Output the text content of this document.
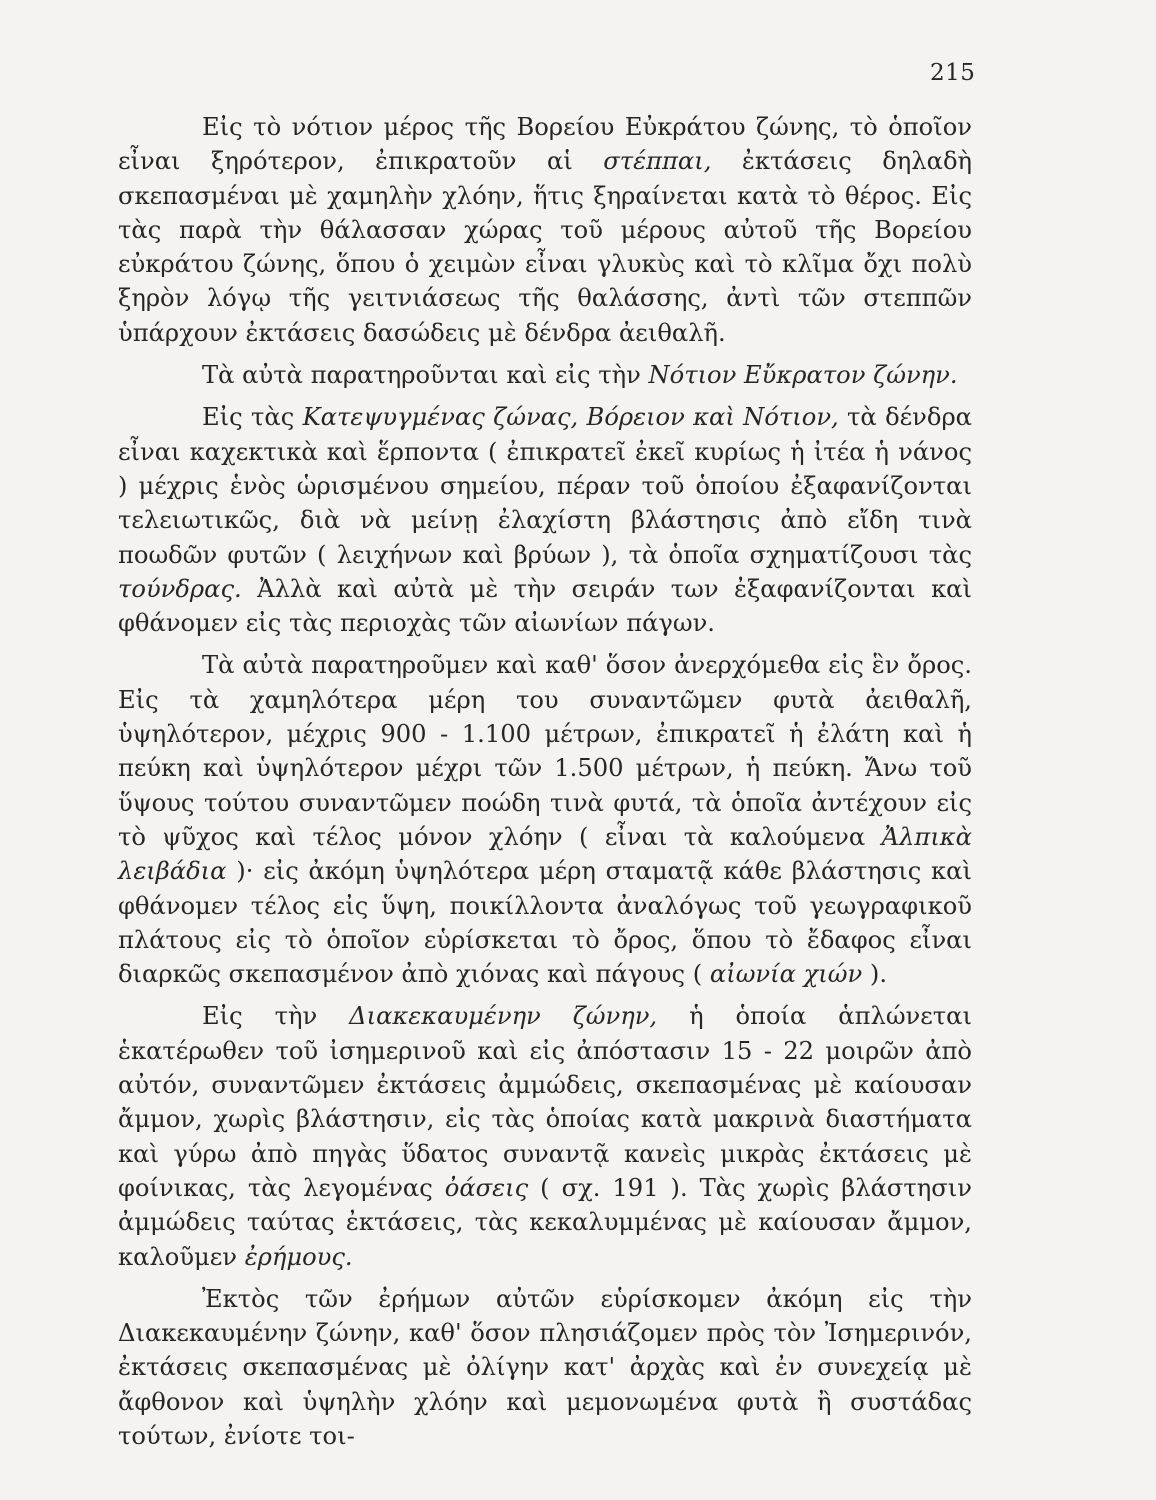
215

Εἰς τὸ νότιον μέρος τῆς Βορείου Εὐκράτου ζώνης, τὸ ὁποῖον εἶναι ξηρότερον, ἐπικρατοῦν αἱ στέππαι, ἐκτάσεις δηλαδὴ σκεπασμέναι μὲ χαμηλὴν χλόην, ἥτις ξηραίνεται κατὰ τὸ θέρος. Εἰς τὰς παρὰ τὴν θάλασσαν χώρας τοῦ μέρους αὐτοῦ τῆς Βορείου εὐκράτου ζώνης, ὅπου ὁ χειμὼν εἶναι γλυκὺς καὶ τὸ κλῖμα ὄχι πολὺ ξηρὸν λόγῳ τῆς γειτνιάσεως τῆς θαλάσσης, ἀντὶ τῶν στεππῶν ὑπάρχουν ἐκτάσεις δασώδεις μὲ δένδρα ἀειθαλῆ.

Τὰ αὐτὰ παρατηροῦνται καὶ εἰς τὴν Νότιον Εὔκρατον ζώνην.

Εἰς τὰς Κατεψυγμένας ζώνας, Βόρειον καὶ Νότιον, τὰ δένδρα εἶναι καχεκτικὰ καὶ ἕρποντα ( ἐπικρατεῖ ἐκεῖ κυρίως ἡ ἰτέα ἡ νάνος ) μέχρις ἑνὸς ὡρισμένου σημείου, πέραν τοῦ ὁποίου ἐξαφανίζονται τελειωτικῶς, διὰ νὰ μείνῃ ἐλαχίστη βλάστησις ἀπὸ εἴδη τινὰ ποωδῶν φυτῶν ( λειχήνων καὶ βρύων ), τὰ ὁποῖα σχηματίζουσι τὰς τούνδρας. Ἀλλὰ καὶ αὐτὰ μὲ τὴν σειράν των ἐξαφανίζονται καὶ φθάνομεν εἰς τὰς περιοχὰς τῶν αἰωνίων πάγων.

Τὰ αὐτὰ παρατηροῦμεν καὶ καθ' ὅσον ἀνερχόμεθα εἰς ἓν ὄρος. Εἰς τὰ χαμηλότερα μέρη του συναντῶμεν φυτὰ ἀειθαλῆ, ὑψηλότερον, μέχρις 900 - 1.100 μέτρων, ἐπικρατεῖ ἡ ἐλάτη καὶ ἡ πεύκη καὶ ὑψηλότερον μέχρι τῶν 1.500 μέτρων, ἡ πεύκη. Ἄνω τοῦ ὕψους τούτου συναντῶμεν ποώδη τινὰ φυτά, τὰ ὁποῖα ἀντέχουν εἰς τὸ ψῦχος καὶ τέλος μόνον χλόην ( εἶναι τὰ καλούμενα Ἀλπικὰ λειβάδια )· εἰς ἀκόμη ὑψηλότερα μέρη σταματᾷ κάθε βλάστησις καὶ φθάνομεν τέλος εἰς ὕψη, ποικίλλοντα ἀναλόγως τοῦ γεωγραφικοῦ πλάτους εἰς τὸ ὁποῖον εὑρίσκεται τὸ ὄρος, ὅπου τὸ ἔδαφος εἶναι διαρκῶς σκεπασμένον ἀπὸ χιόνας καὶ πάγους ( αἰωνία χιών ).

Εἰς τὴν Διακεκαυμένην ζώνην, ἡ ὁποία ἁπλώνεται ἑκατέρωθεν τοῦ ἰσημερινοῦ καὶ εἰς ἀπόστασιν 15 - 22 μοιρῶν ἀπὸ αὐτόν, συναντῶμεν ἐκτάσεις ἀμμώδεις, σκεπασμένας μὲ καίουσαν ἄμμον, χωρὶς βλάστησιν, εἰς τὰς ὁποίας κατὰ μακρινὰ διαστήματα καὶ γύρω ἀπὸ πηγὰς ὕδατος συναντᾷ κανεὶς μικρὰς ἐκτάσεις μὲ φοίνικας, τὰς λεγομένας ὀάσεις ( σχ. 191 ). Τὰς χωρὶς βλάστησιν ἀμμώδεις ταύτας ἐκτάσεις, τὰς κεκαλυμμένας μὲ καίουσαν ἄμμον, καλοῦμεν ἐρήμους.

Ἐκτὸς τῶν ἐρήμων αὐτῶν εὑρίσκομεν ἀκόμη εἰς τὴν Διακεκαυμένην ζώνην, καθ' ὅσον πλησιάζομεν πρὸς τὸν Ἰσημερινόν, ἐκτάσεις σκεπασμένας μὲ ὀλίγην κατ' ἀρχὰς καὶ ἐν συνεχείᾳ μὲ ἄφθονον καὶ ὑψηλὴν χλόην καὶ μεμονωμένα φυτὰ ἢ συστάδας τούτων, ἐνίοτε τοι-
